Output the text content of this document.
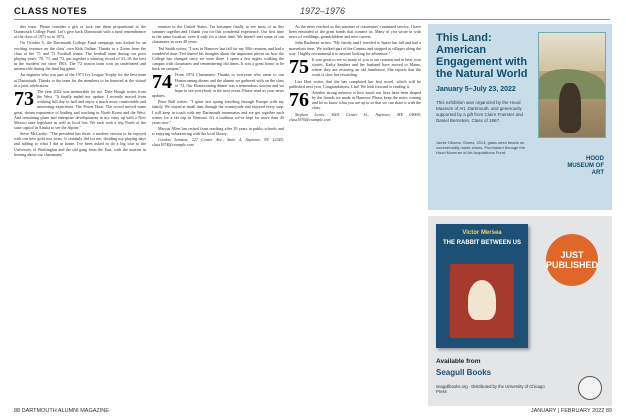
CLASS NOTES	1972–1976

this issue. Please consider a gift or tuck one them proportional to the Dartmouth College Fund. Let's give back Dartmouth with a fund remembrance of the class of 1971 so to 1972.

On October 5, the Dartmouth College Fund campaign was kicked by an exciting overture on the class' own Kids Online. Thanks to a Zoom from the class of the '71 and '72 Football teams. The football team during our prior playing years, '70, '71, and '72, put together a winning record of 33–10, the best in the 'modern' era since 1903. The '72 season team won an undefeated and unseen title during the final big game.

An engineer who was part of the 1973 Ivy League Trophy for the best team at Dartmouth. Thanks to the team for the members to be honored at the virtual in a joint celebration.

73 The year 2022 was memorable for me. Dale Hough writes from the West. "It finally ended my update. I recently moved from working full day to half and enjoy a much more comfortable and interesting experience. The Power Hour. The crowd moved some great, dream experience of leading and teaching in North Korea and the West. And remaining plans and enterprise developments in my entry up with a New Mexico state legislator as well as local lots. We each took a trip North of the state capitol in Alaska to see the Alpine."

Steve McCarthy: "The president has three, a modern version to be enjoyed with our new gold two years. It certainly did for me, dividing my playing days and adding to what I did at home. I've been asked to do a big tour to the University of Washington and the old gang from the East, with the interest in hearing about our classmates."

reunion in the United States. I'm fortunate finally to see most of us this summer together and I thank you for this wonderful experience. Our first time in the same location, even if only for a short time. We haven't met some of our classmates in over 40 years.

Ted Smith writes: "I was in Hanover last fall for my 50th reunion, and had a wonderful time. Ted shared his thoughts about the important pieces on how the College has changed since we were there. I spent a few nights walking the campus with classmates and remembering old times. It was a great honor to be back on campus."

74 From 1974 Classmates: Thanks to everyone who came to our Homecoming dinner and the alumni we gathered with on the class of '74. Our Homecoming dinner was a tremendous success and we hope to see everybody at the next event. Please send us your news updates.

Peter Ball writes: "I spent last spring traveling through Europe with my family. We stayed at small inns through the countryside and enjoyed every stop. I still keep in touch with my Dartmouth roommates and we get together each winter for a ski trip in Vermont. It's a tradition we've kept for more than 40 years now."

Marcus Allen has retired from teaching after 35 years in public schools and is enjoying volunteering with the local library.

Gordon Jemison, 227 Center Ave., Suite 4, Anytown, NY 12345; class1974@example.com

As the news reached us this summer of classmates' continued service, I have been reminded of the great bonds that connect us. Many of you wrote in with news of weddings, grandchildren and new careers.

John Bachman writes: "My family and I traveled to Spain last fall and had a marvelous time. We walked part of the Camino and stopped at villages along the way. I highly recommend it to anyone looking for adventure."

75 It was great to see so many of you at our reunion and to hear your stories. Kathy Sanders and her husband have moved to Maine, where they are restoring an old farmhouse. She reports that the work is slow but rewarding.

Lisa Hart writes that she has completed her first novel, which will be published next year. Congratulations, Lisa! We look forward to reading it.

76 Another strong memory is how much our lives have been shaped by the friends we made in Hanover. Please keep the notes coming and let us know what you are up to so that we can share it with the class.

Stephen Lewis, 4601 Center St., Anytown, ME 04000; class1976@example.com

This Land: American Engagement with the Natural World
January 5–July 23, 2022
This exhibition was organized by the Hood Museum of Art, Dartmouth, and generously supported by a gift from Claire Foerster and Daniel Bernstein, Class of 1967.
Jamie Okuma, Shoes, 2013, glass seed beads on commercially made shoes. Purchased through the Hood Museum of Art Acquisitions Fund.
HOOD MUSEUM OF ART
Victor Mersea
THE RABBIT BETWEEN US
JUST PUBLISHED
Available from
Seagull Books
seagullbooks.org · Distributed by the University of Chicago Press
88 DARTMOUTH ALUMNI MAGAZINE	JANUARY | FEBRUARY 2022 89
